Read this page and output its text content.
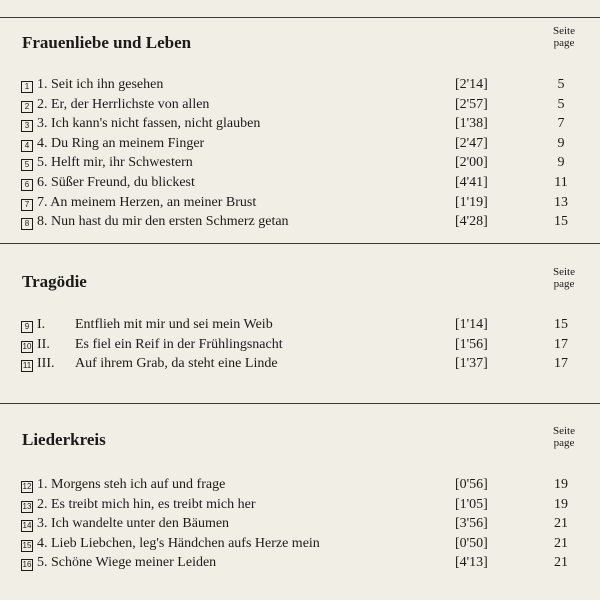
Frauenliebe und Leben
Seite
page
1 1. Seit ich ihn gesehen	[2'14]	5
2 2. Er, der Herrlichste von allen	[2'57]	5
3 3. Ich kann's nicht fassen, nicht glauben	[1'38]	7
4 4. Du Ring an meinem Finger	[2'47]	9
5 5. Helft mir, ihr Schwestern	[2'00]	9
6 6. Süßer Freund, du blickest	[4'41]	11
7 7. An meinem Herzen, an meiner Brust	[1'19]	13
8 8. Nun hast du mir den ersten Schmerz getan	[4'28]	15
Tragödie	Seite
page
9 I. Entflieh mit mir und sei mein Weib	[1'14]	15
10 II. Es fiel ein Reif in der Frühlingsnacht	[1'56]	17
11 III. Auf ihrem Grab, da steht eine Linde	[1'37]	17
Liederkreis	Seite
page
12 1. Morgens steh ich auf und frage	[0'56]	19
13 2. Es treibt mich hin, es treibt mich her	[1'05]	19
14 3. Ich wandelte unter den Bäumen	[3'56]	21
15 4. Lieb Liebchen, leg's Händchen aufs Herze mein	[0'50]	21
16 5. Schöne Wiege meiner Leiden	[4'13]	21
